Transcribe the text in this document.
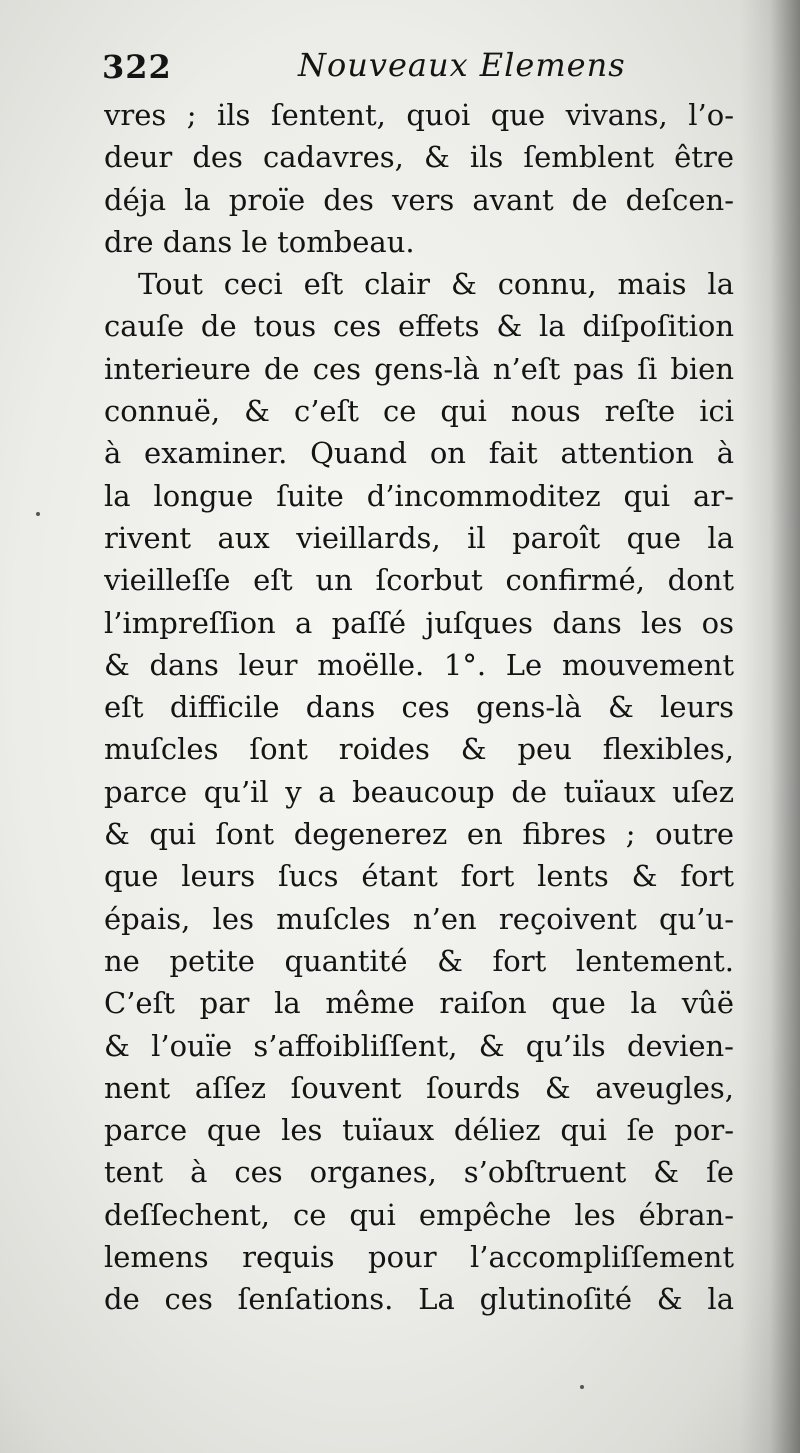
322	Nouveaux Elemens
vres ; ils ſentent, quoi que vivans, l’o-
deur des cadavres, & ils ſemblent être
déja la proïe des vers avant de deſcen-
dre dans le tombeau.
Tout ceci eſt clair & connu, mais la
cauſe de tous ces effets & la diſpoſition
interieure de ces gens-là n’eſt pas ſi bien
connuë, & c’eſt ce qui nous reſte ici
à examiner. Quand on fait attention à
la longue ſuite d’incommoditez qui ar-
rivent aux vieillards, il paroît que la
vieilleſſe eſt un ſcorbut confirmé, dont
l’impreſſion a paſſé juſques dans les os
& dans leur moëlle. 1°. Le mouvement
eſt difficile dans ces gens-là & leurs
muſcles ſont roides & peu flexibles,
parce qu’il y a beaucoup de tuïaux uſez
& qui ſont degenerez en fibres ; outre
que leurs ſucs étant fort lents & fort
épais, les muſcles n’en reçoivent qu’u-
ne petite quantité & fort lentement.
C’eſt par la même raiſon que la vûë
& l’ouïe s’affoibliſſent, & qu’ils devien-
nent aſſez ſouvent ſourds & aveugles,
parce que les tuïaux déliez qui ſe por-
tent à ces organes, s’obſtruent & ſe
deſſechent, ce qui empêche les ébran-
lemens requis pour l’accompliſſement
de ces ſenſations. La glutinoſité & la
